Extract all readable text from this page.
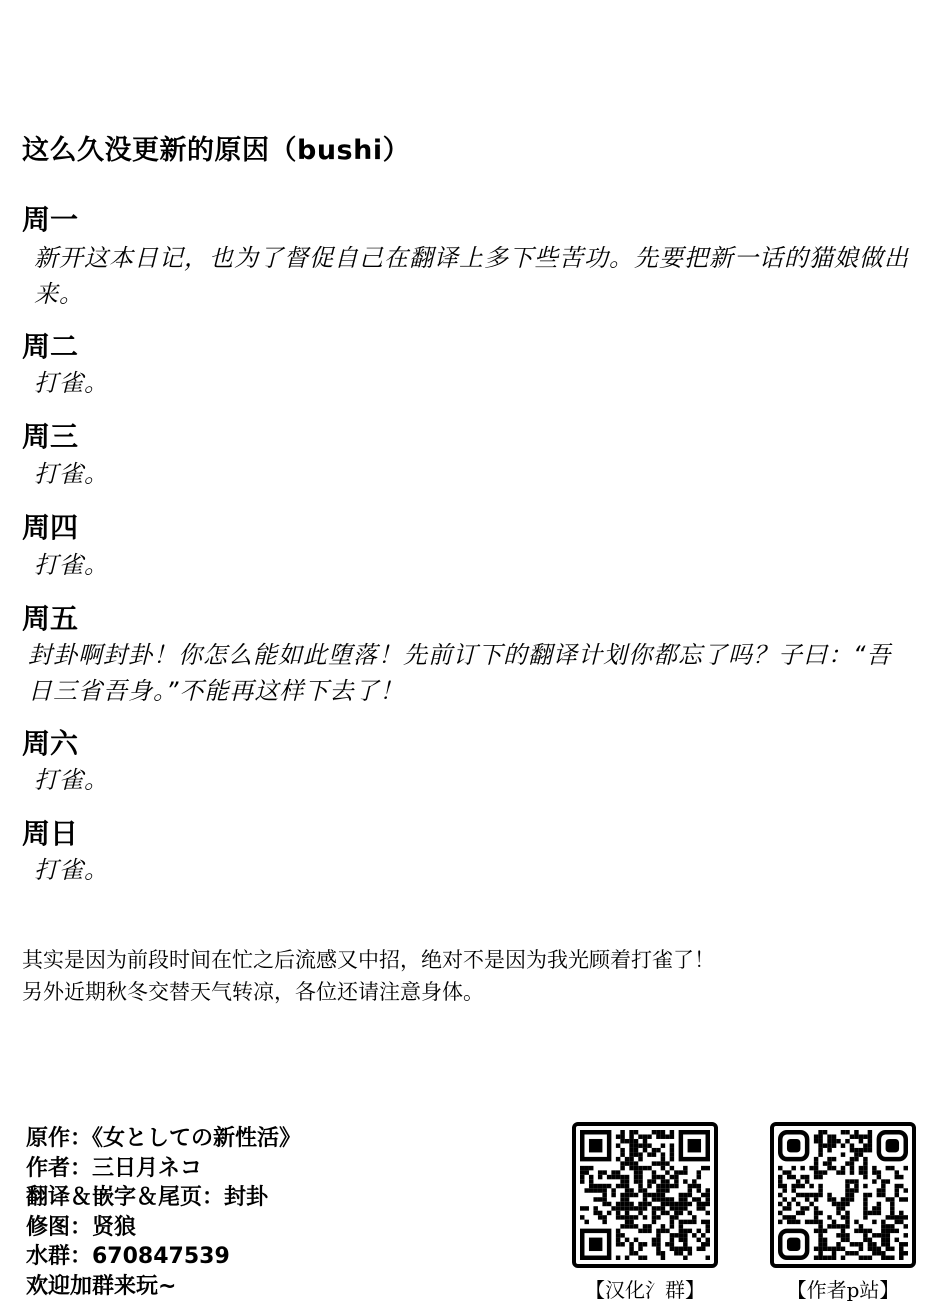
这么久没更新的原因（bushi）
周一
新开这本日记，也为了督促自己在翻译上多下些苦功。先要把新一话的猫娘做出来。
周二
打雀。
周三
打雀。
周四
打雀。
周五
封卦啊封卦！你怎么能如此堕落！先前订下的翻译计划你都忘了吗？子曰：“吾日三省吾身。”不能再这样下去了！
周六
打雀。
周日
打雀。
其实是因为前段时间在忙之后流感又中招，绝对不是因为我光顾着打雀了！
另外近期秋冬交替天气转凉，各位还请注意身体。
原作：《女としての新性活》
作者：三日月ネコ
翻译＆嵌字＆尾页：封卦
修图：贤狼
水群：670847539
欢迎加群来玩~	【汉化氵群】	【作者p站】
